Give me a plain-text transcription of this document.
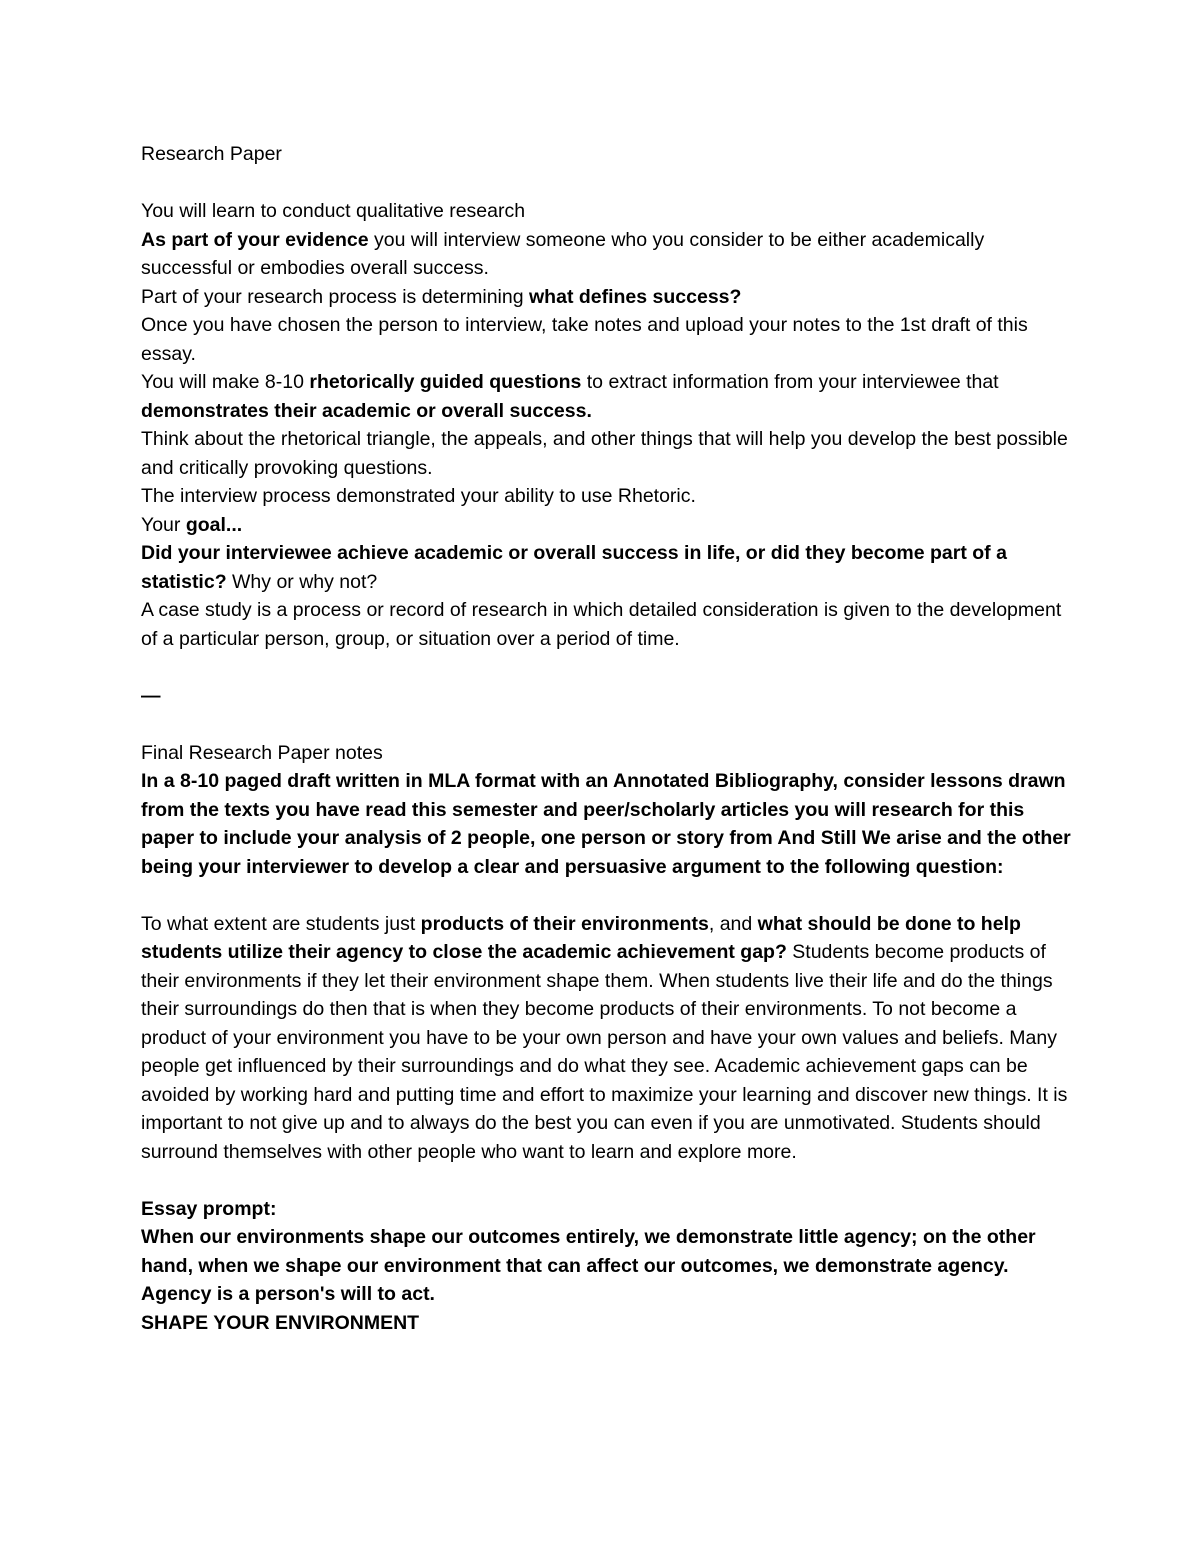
Research Paper

You will learn to conduct qualitative research

As part of your evidence you will interview someone who you consider to be either academically successful or embodies overall success.

Part of your research process is determining what defines success?

Once you have chosen the person to interview, take notes and upload your notes to the 1st draft of this essay.

You will make 8-10 rhetorically guided questions to extract information from your interviewee that demonstrates their academic or overall success.

Think about the rhetorical triangle, the appeals, and other things that will help you develop the best possible and critically provoking questions.

The interview process demonstrated your ability to use Rhetoric.

Your goal...

Did your interviewee achieve academic or overall success in life, or did they become part of a statistic? Why or why not?

A case study is a process or record of research in which detailed consideration is given to the development of a particular person, group, or situation over a period of time.

—

Final Research Paper notes

In a 8-10 paged draft written in MLA format with an Annotated Bibliography, consider lessons drawn from the texts you have read this semester and peer/scholarly articles you will research for this paper to include your analysis of 2 people, one person or story from And Still We arise and the other being your interviewer to develop a clear and persuasive argument to the following question:

To what extent are students just products of their environments, and what should be done to help students utilize their agency to close the academic achievement gap? Students become products of their environments if they let their environment shape them. When students live their life and do the things their surroundings do then that is when they become products of their environments. To not become a product of your environment you have to be your own person and have your own values and beliefs. Many people get influenced by their surroundings and do what they see. Academic achievement gaps can be avoided by working hard and putting time and effort to maximize your learning and discover new things. It is important to not give up and to always do the best you can even if you are unmotivated. Students should surround themselves with other people who want to learn and explore more.

Essay prompt:

When our environments shape our outcomes entirely, we demonstrate little agency; on the other hand, when we shape our environment that can affect our outcomes, we demonstrate agency. Agency is a person's will to act.

SHAPE YOUR ENVIRONMENT
